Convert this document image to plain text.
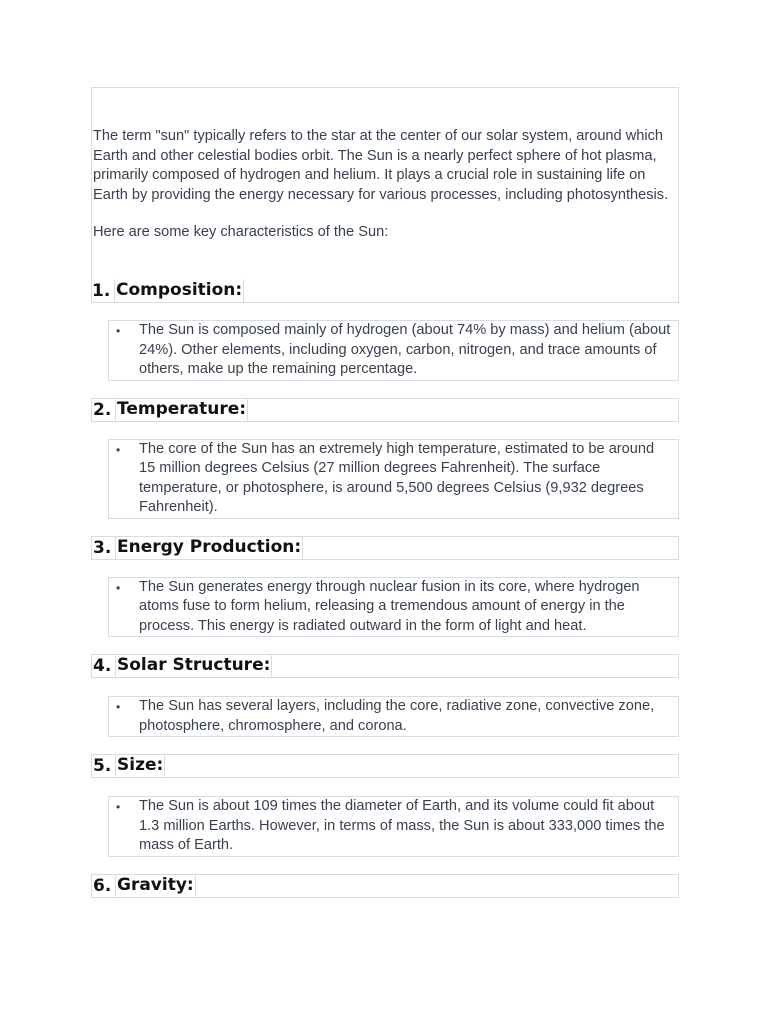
The term "sun" typically refers to the star at the center of our solar system, around which Earth and other celestial bodies orbit. The Sun is a nearly perfect sphere of hot plasma, primarily composed of hydrogen and helium. It plays a crucial role in sustaining life on Earth by providing the energy necessary for various processes, including photosynthesis.

Here are some key characteristics of the Sun:

1. Composition:
• The Sun is composed mainly of hydrogen (about 74% by mass) and helium (about 24%). Other elements, including oxygen, carbon, nitrogen, and trace amounts of others, make up the remaining percentage.

2. Temperature:
• The core of the Sun has an extremely high temperature, estimated to be around 15 million degrees Celsius (27 million degrees Fahrenheit). The surface temperature, or photosphere, is around 5,500 degrees Celsius (9,932 degrees Fahrenheit).

3. Energy Production:
• The Sun generates energy through nuclear fusion in its core, where hydrogen atoms fuse to form helium, releasing a tremendous amount of energy in the process. This energy is radiated outward in the form of light and heat.

4. Solar Structure:
• The Sun has several layers, including the core, radiative zone, convective zone, photosphere, chromosphere, and corona.

5. Size:
• The Sun is about 109 times the diameter of Earth, and its volume could fit about 1.3 million Earths. However, in terms of mass, the Sun is about 333,000 times the mass of Earth.

6. Gravity:
